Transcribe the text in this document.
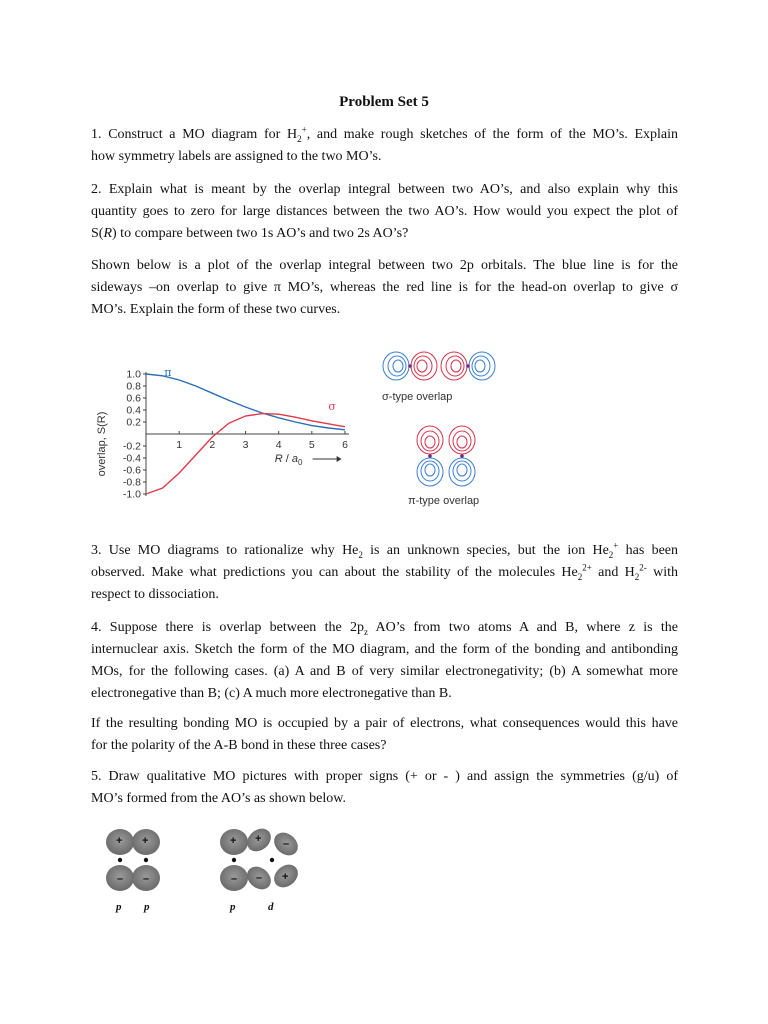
Problem Set 5
1. Construct a MO diagram for $H_2^+$, and make rough sketches of the form of the MO’s. Explain
how symmetry labels are assigned to the two MO’s.
2. Explain what is meant by the overlap integral between two AO’s, and also explain why this
quantity goes to zero for large distances between the two AO’s. How would you expect the plot of
S(R) to compare between two 1s AO’s and two 2s AO’s?
Shown below is a plot of the overlap integral between two 2p orbitals. The blue line is for the
sideways –on overlap to give π MO’s, whereas the red line is for the head-on overlap to give σ
MO’s. Explain the form of these two curves.
1.0
0.8
0.6
0.4
0.2
-0.2
-0.4
-0.6
-0.8
-1.0
1	2	3	4	5	6
π
σ
overlap, S(R)	R / $a_0$
σ-type overlap
π-type overlap
3. Use MO diagrams to rationalize why $He_2$ is an unknown species, but the ion $He_2^+$ has been
observed. Make what predictions you can about the stability of the molecules $He_2^{2+}$ and $H_2^{2-}$ with
respect to dissociation.
4. Suppose there is overlap between the $2p_z$ AO’s from two atoms A and B, where z is the
internuclear axis. Sketch the form of the MO diagram, and the form of the bonding and antibonding
MOs, for the following cases. (a) A and B of very similar electronegativity; (b) A somewhat more
electronegative than B; (c) A much more electronegative than B.
If the resulting bonding MO is occupied by a pair of electrons, what consequences would this have
for the polarity of the A-B bond in these three cases?
5. Draw qualitative MO pictures with proper signs (+ or - ) and assign the symmetries (g/u) of
MO’s formed from the AO’s as shown below.
+ +
– –
p p
+
–
+ –
– +
p	d
